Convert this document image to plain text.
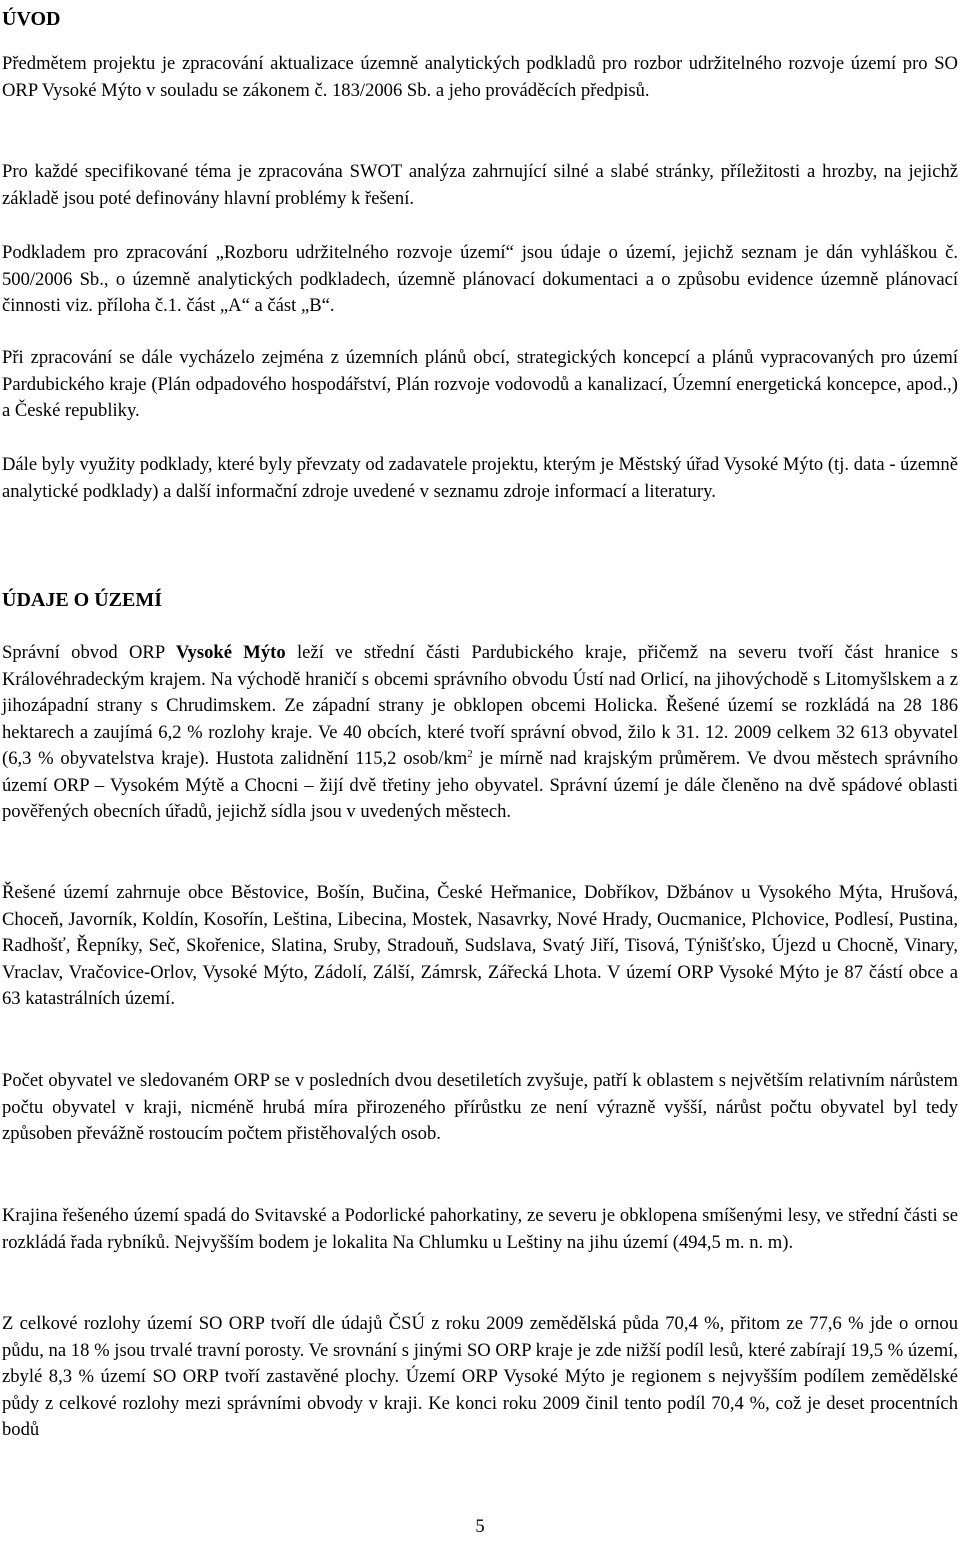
ÚVOD

Předmětem projektu je zpracování aktualizace územně analytických podkladů pro rozbor udržitelného rozvoje území pro SO ORP Vysoké Mýto v souladu se zákonem č. 183/2006 Sb. a jeho prováděcích předpisů.

Pro každé specifikované téma je zpracována SWOT analýza zahrnující silné a slabé stránky, příležitosti a hrozby, na jejichž základě jsou poté definovány hlavní problémy k řešení.

Podkladem pro zpracování „Rozboru udržitelného rozvoje území“ jsou údaje o území, jejichž seznam je dán vyhláškou č. 500/2006 Sb., o územně analytických podkladech, územně plánovací dokumentaci a o způsobu evidence územně plánovací činnosti viz. příloha č.1. část „A“ a část „B“.

Při zpracování se dále vycházelo zejména z územních plánů obcí, strategických koncepcí a plánů vypracovaných pro území Pardubického kraje (Plán odpadového hospodářství, Plán rozvoje vodovodů a kanalizací, Územní energetická koncepce, apod.,) a České republiky.

Dále byly využity podklady, které byly převzaty od zadavatele projektu, kterým je Městský úřad Vysoké Mýto (tj. data - územně analytické podklady) a další informační zdroje uvedené v seznamu zdroje informací a literatury.

ÚDAJE O ÚZEMÍ

Správní obvod ORP Vysoké Mýto leží ve střední části Pardubického kraje, přičemž na severu tvoří část hranice s Královéhradeckým krajem. Na východě hraničí s obcemi správního obvodu Ústí nad Orlicí, na jihovýchodě s Litomyšlskem a z jihozápadní strany s Chrudimskem. Ze západní strany je obklopen obcemi Holicka. Řešené území se rozkládá na 28 186 hektarech a zaujímá 6,2 % rozlohy kraje. Ve 40 obcích, které tvoří správní obvod, žilo k 31. 12. 2009 celkem 32 613 obyvatel (6,3 % obyvatelstva kraje). Hustota zalidnění 115,2 osob/$km^2$ je mírně nad krajským průměrem. Ve dvou městech správního území ORP – Vysokém Mýtě a Chocni – žijí dvě třetiny jeho obyvatel. Správní území je dále členěno na dvě spádové oblasti pověřených obecních úřadů, jejichž sídla jsou v uvedených městech.

Řešené území zahrnuje obce Běstovice, Bošín, Bučina, České Heřmanice, Dobříkov, Džbánov u Vysokého Mýta, Hrušová, Choceň, Javorník, Koldín, Kosořín, Leština, Libecina, Mostek, Nasavrky, Nové Hrady, Oucmanice, Plchovice, Podlesí, Pustina, Radhošť, Řepníky, Seč, Skořenice, Slatina, Sruby, Stradouň, Sudslava, Svatý Jiří, Tisová, Týnišťsko, Újezd u Chocně, Vinary, Vraclav, Vračovice-Orlov, Vysoké Mýto, Zádolí, Zálší, Zámrsk, Zářecká Lhota. V území ORP Vysoké Mýto je 87 částí obce a 63 katastrálních území.

Počet obyvatel ve sledovaném ORP se v posledních dvou desetiletích zvyšuje, patří k oblastem s největším relativním nárůstem počtu obyvatel v kraji, nicméně hrubá míra přirozeného přírůstku ze není výrazně vyšší, nárůst počtu obyvatel byl tedy způsoben převážně rostoucím počtem přistěhovalých osob.

Krajina řešeného území spadá do Svitavské a Podorlické pahorkatiny, ze severu je obklopena smíšenými lesy, ve střední části se rozkládá řada rybníků. Nejvyšším bodem je lokalita Na Chlumku u Leštiny na jihu území (494,5 m. n. m).

Z celkové rozlohy území SO ORP tvoří dle údajů ČSÚ z roku 2009 zemědělská půda 70,4 %, přitom ze 77,6 % jde o ornou půdu, na 18 % jsou trvalé travní porosty. Ve srovnání s jinými SO ORP kraje je zde nižší podíl lesů, které zabírají 19,5 % území, zbylé 8,3 % území SO ORP tvoří zastavěné plochy. Území ORP Vysoké Mýto je regionem s nejvyšším podílem zemědělské půdy z celkové rozlohy mezi správními obvody v kraji. Ke konci roku 2009 činil tento podíl 70,4 %, což je deset procentních bodů

5
